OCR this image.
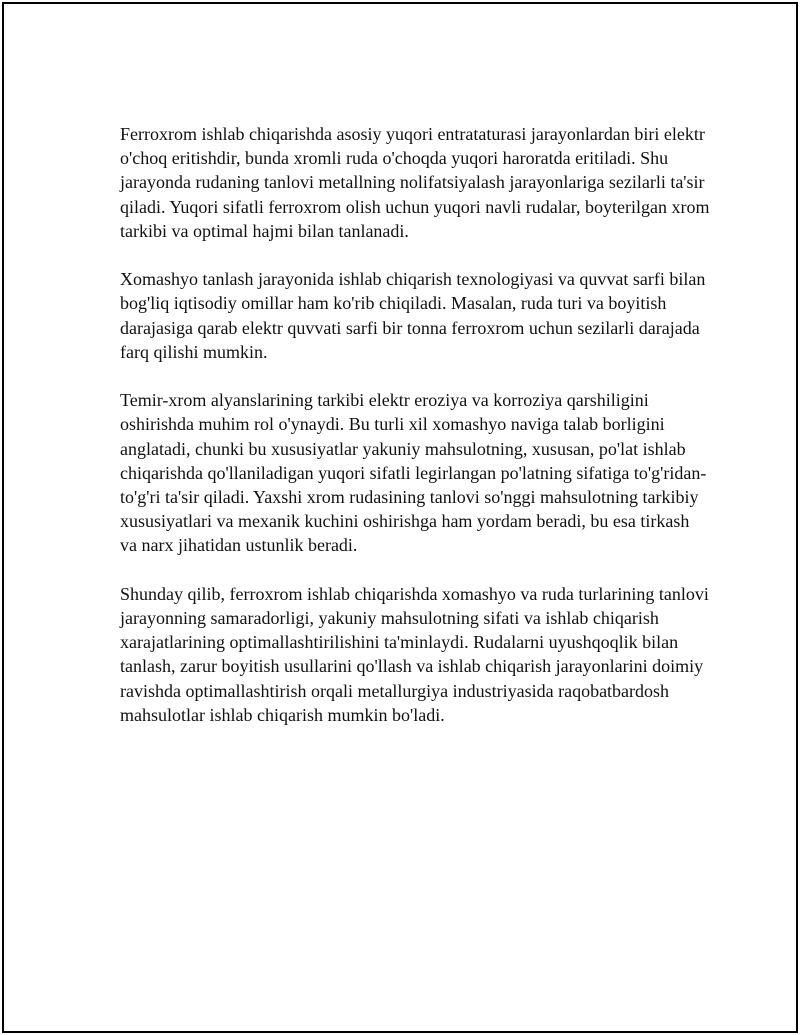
Ferroxrom ishlab chiqarishda asosiy yuqori entrataturasi jarayonlardan biri elektr o'choq eritishdir, bunda xromli ruda o'choqda yuqori haroratda eritiladi. Shu jarayonda rudaning tanlovi metallning nolifatsiyalash jarayonlariga sezilarli ta'sir qiladi. Yuqori sifatli ferroxrom olish uchun yuqori navli rudalar, boyterilgan xrom tarkibi va optimal hajmi bilan tanlanadi.

Xomashyo tanlash jarayonida ishlab chiqarish texnologiyasi va quvvat sarfi bilan bog'liq iqtisodiy omillar ham ko'rib chiqiladi. Masalan, ruda turi va boyitish darajasiga qarab elektr quvvati sarfi bir tonna ferroxrom uchun sezilarli darajada farq qilishi mumkin.

Temir-xrom alyanslarining tarkibi elektr eroziya va korroziya qarshiligini oshirishda muhim rol o'ynaydi. Bu turli xil xomashyo naviga talab borligini anglatadi, chunki bu xususiyatlar yakuniy mahsulotning, xususan, po'lat ishlab chiqarishda qo'llaniladigan yuqori sifatli legirlangan po'latning sifatiga to'g'ridan-to'g'ri ta'sir qiladi. Yaxshi xrom rudasining tanlovi so'nggi mahsulotning tarkibiy xususiyatlari va mexanik kuchini oshirishga ham yordam beradi, bu esa tirkash va narx jihatidan ustunlik beradi.

Shunday qilib, ferroxrom ishlab chiqarishda xomashyo va ruda turlarining tanlovi jarayonning samaradorligi, yakuniy mahsulotning sifati va ishlab chiqarish xarajatlarining optimallashtirilishini ta'minlaydi. Rudalarni uyushqoqlik bilan tanlash, zarur boyitish usullarini qo'llash va ishlab chiqarish jarayonlarini doimiy ravishda optimallashtirish orqali metallurgiya industriyasida raqobatbardosh mahsulotlar ishlab chiqarish mumkin bo'ladi.
